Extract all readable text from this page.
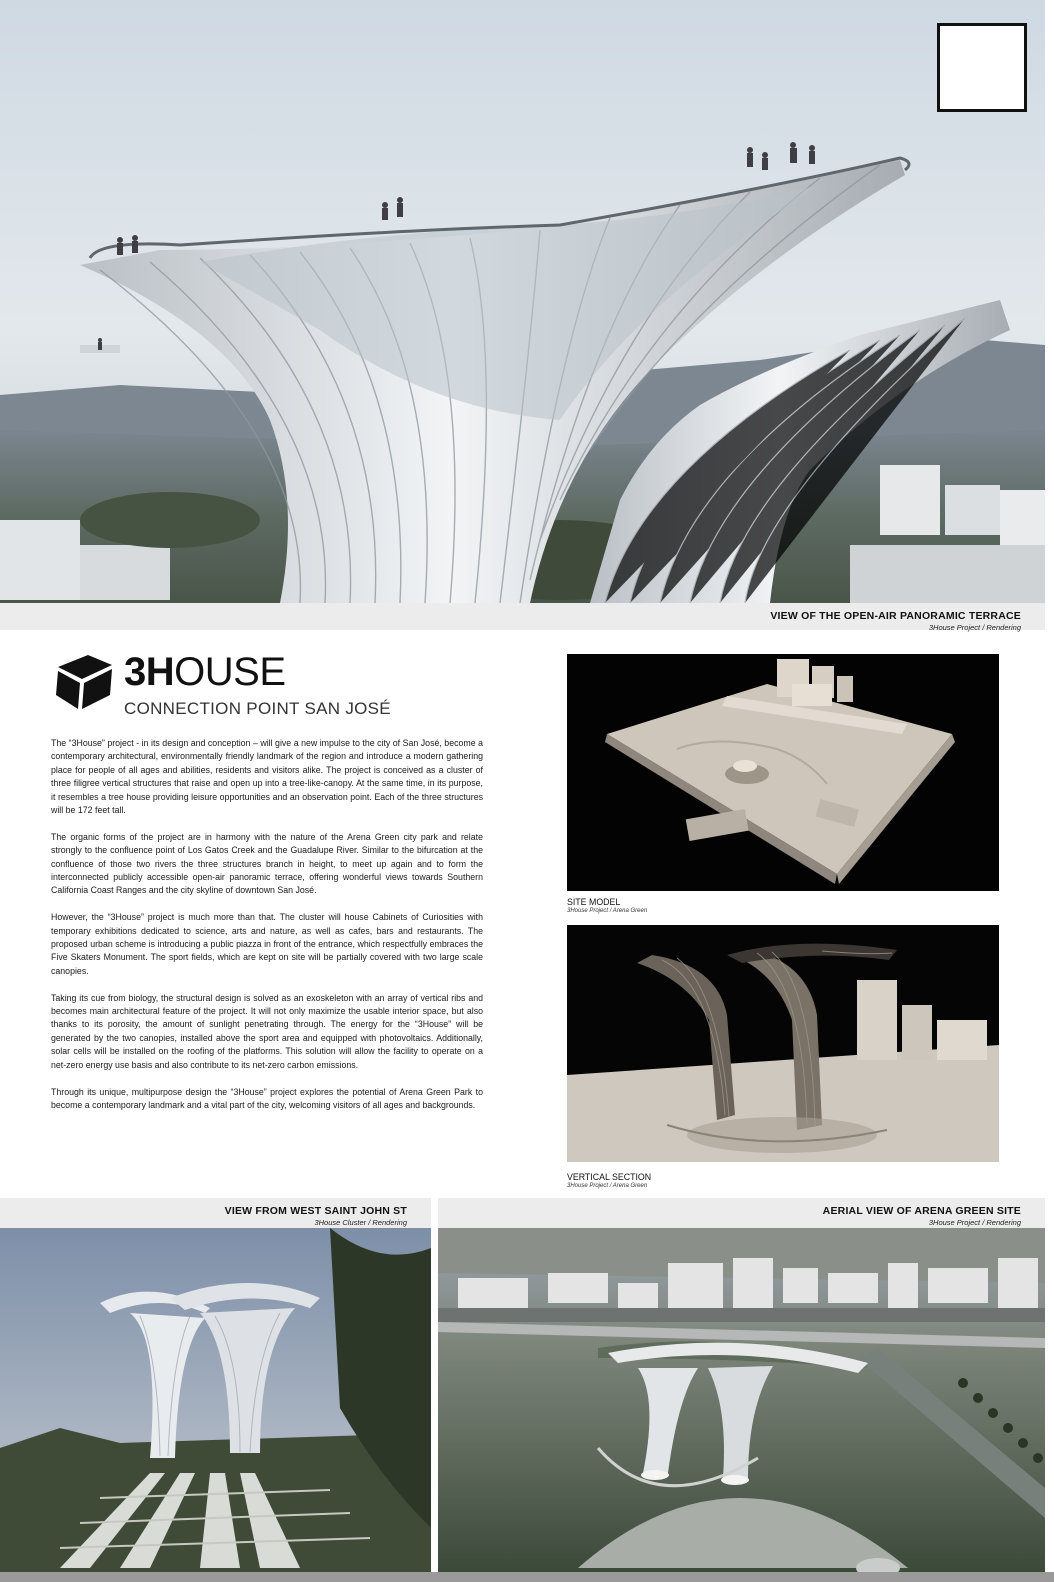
VIEW OF THE OPEN-AIR PANORAMIC TERRACE
3House Project / Rendering
3HOUSE
CONNECTION POINT SAN JOSÉ

The “3House” project - in its design and conception – will give a new impulse to the city of San José, become a contemporary architectural, environmentally friendly landmark of the region and introduce a modern gathering place for people of all ages and abilities, residents and visitors alike. The project is conceived as a cluster of three filigree vertical structures that raise and open up into a tree-like-canopy. At the same time, in its purpose, it resembles a tree house providing leisure opportunities and an observation point. Each of the three structures will be 172 feet tall.

The organic forms of the project are in harmony with the nature of the Arena Green city park and relate strongly to the confluence point of Los Gatos Creek and the Guadalupe River. Similar to the bifurcation at the confluence of those two rivers the three structures branch in height, to meet up again and to form the interconnected publicly accessible open-air panoramic terrace, offering wonderful views towards Southern California Coast Ranges and the city skyline of downtown San José.

However, the “3House” project is much more than that. The cluster will house Cabinets of Curiosities with temporary exhibitions dedicated to science, arts and nature, as well as cafes, bars and restaurants. The proposed urban scheme is introducing a public piazza in front of the entrance, which respectfully embraces the Five Skaters Monument. The sport fields, which are kept on site will be partially covered with two large scale canopies.

Taking its cue from biology, the structural design is solved as an exoskeleton with an array of vertical ribs and becomes main architectural feature of the project. It will not only maximize the usable interior space, but also thanks to its porosity, the amount of sunlight penetrating through. The energy for the “3House” will be generated by the two canopies, installed above the sport area and equipped with photovoltaics. Additionally, solar cells will be installed on the roofing of the platforms. This solution will allow the facility to operate on a net-zero energy use basis and also contribute to its net-zero carbon emissions.

Through its unique, multipurpose design the “3House” project explores the potential of Arena Green Park to become a contemporary landmark and a vital part of the city, welcoming visitors of all ages and backgrounds.

SITE MODEL
3House Project / Arena Green
VERTICAL SECTION
3House Project / Arena Green
VIEW FROM WEST SAINT JOHN ST
3House Cluster / Rendering
AERIAL VIEW OF ARENA GREEN SITE
3House Project / Rendering
